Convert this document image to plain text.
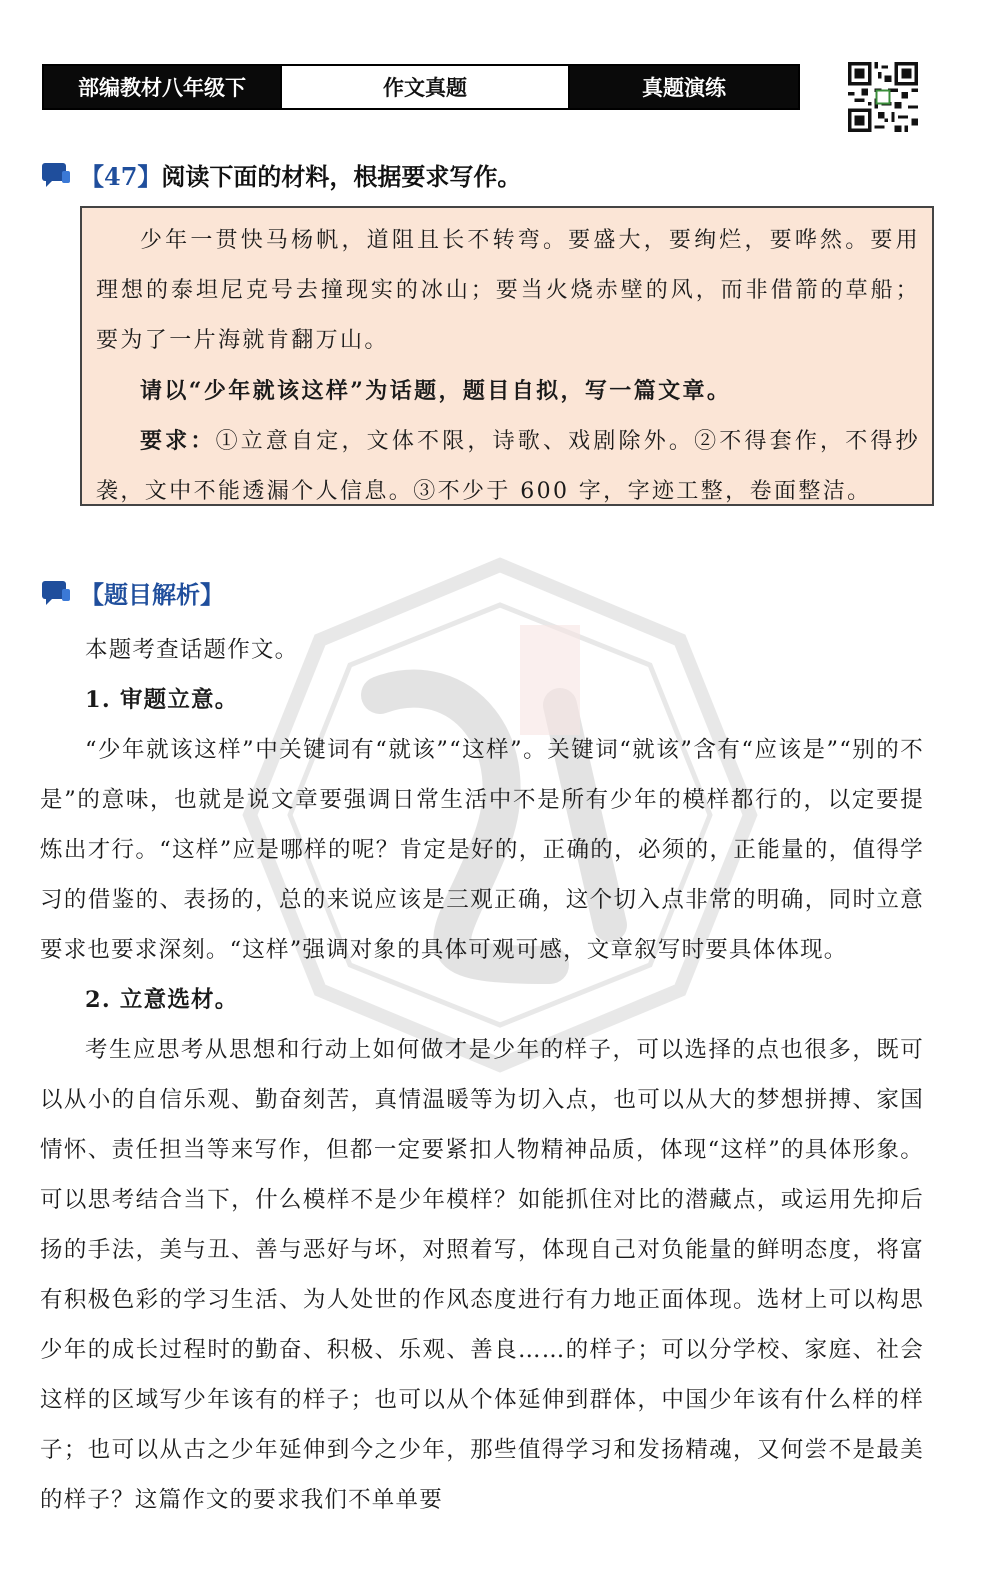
部编教材八年级下	作文真题	真题演练
【47】阅读下面的材料，根据要求写作。

少年一贯快马杨帆，道阻且长不转弯。要盛大，要绚烂，要哗然。要用理想的泰坦尼克号去撞现实的冰山；要当火烧赤壁的风，而非借箭的草船；要为了一片海就肯翻万山。

请以“少年就该这样”为话题，题目自拟，写一篇文章。

要求：①立意自定，文体不限，诗歌、戏剧除外。②不得套作，不得抄袭，文中不能透漏个人信息。③不少于 600 字，字迹工整，卷面整洁。

【题目解析】

本题考查话题作文。

1. 审题立意。

“少年就该这样”中关键词有“就该”“这样”。关键词“就该”含有“应该是”“别的不是”的意味，也就是说文章要强调日常生活中不是所有少年的模样都行的，以定要提炼出才行。“这样”应是哪样的呢？肯定是好的，正确的，必须的，正能量的，值得学习的借鉴的、表扬的，总的来说应该是三观正确，这个切入点非常的明确，同时立意要求也要求深刻。“这样”强调对象的具体可观可感，文章叙写时要具体体现。

2. 立意选材。

考生应思考从思想和行动上如何做才是少年的样子，可以选择的点也很多，既可以从小的自信乐观、勤奋刻苦，真情温暖等为切入点，也可以从大的梦想拼搏、家国情怀、责任担当等来写作，但都一定要紧扣人物精神品质，体现“这样”的具体形象。可以思考结合当下，什么模样不是少年模样？如能抓住对比的潜藏点，或运用先抑后扬的手法，美与丑、善与恶好与坏，对照着写，体现自己对负能量的鲜明态度，将富有积极色彩的学习生活、为人处世的作风态度进行有力地正面体现。选材上可以构思少年的成长过程时的勤奋、积极、乐观、善良……的样子；可以分学校、家庭、社会这样的区域写少年该有的样子；也可以从个体延伸到群体，中国少年该有什么样的样子；也可以从古之少年延伸到今之少年，那些值得学习和发扬精魂，又何尝不是最美的样子？这篇作文的要求我们不单单要
